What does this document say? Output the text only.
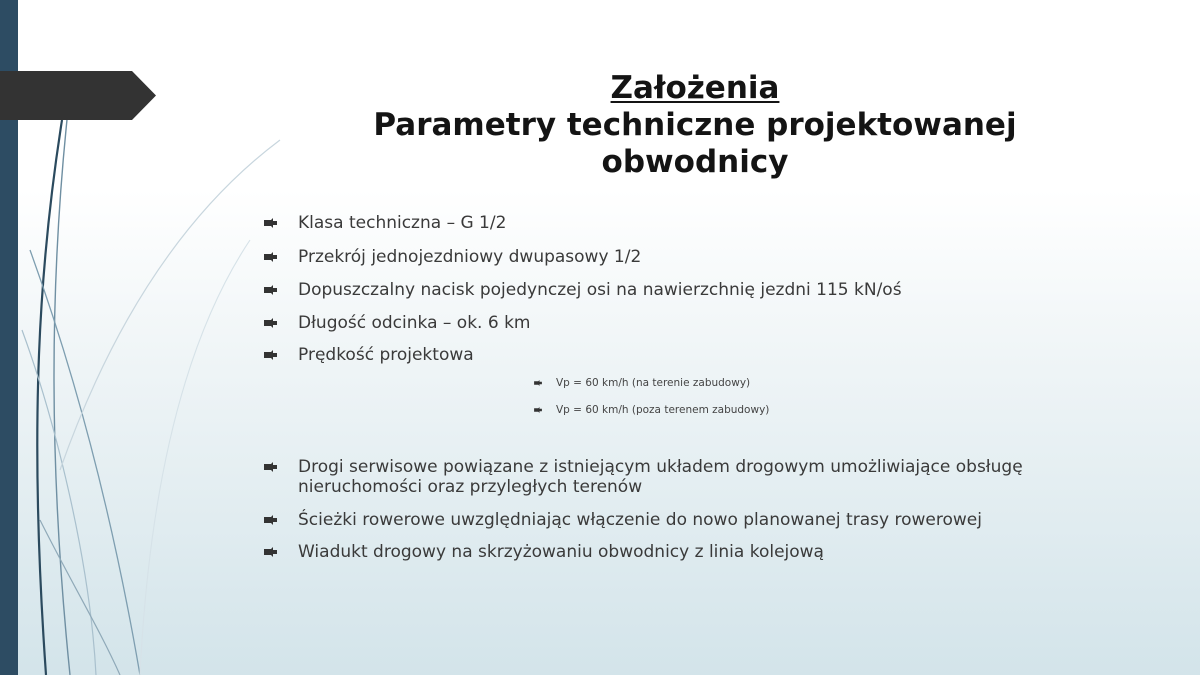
Założenia
Parametry techniczne projektowanej
obwodnicy
Klasa techniczna – G 1/2
Przekrój jednojezdniowy dwupasowy 1/2
Dopuszczalny nacisk pojedynczej osi na nawierzchnię jezdni 115 kN/oś
Długość odcinka – ok. 6 km
Prędkość projektowa
Vp = 60 km/h (na terenie zabudowy)
Vp = 60 km/h (poza terenem zabudowy)
Drogi serwisowe powiązane z istniejącym układem drogowym umożliwiające obsługę nieruchomości oraz przyległych terenów
Ścieżki rowerowe uwzględniając włączenie do nowo planowanej trasy rowerowej
Wiadukt drogowy na skrzyżowaniu obwodnicy z linia kolejową
